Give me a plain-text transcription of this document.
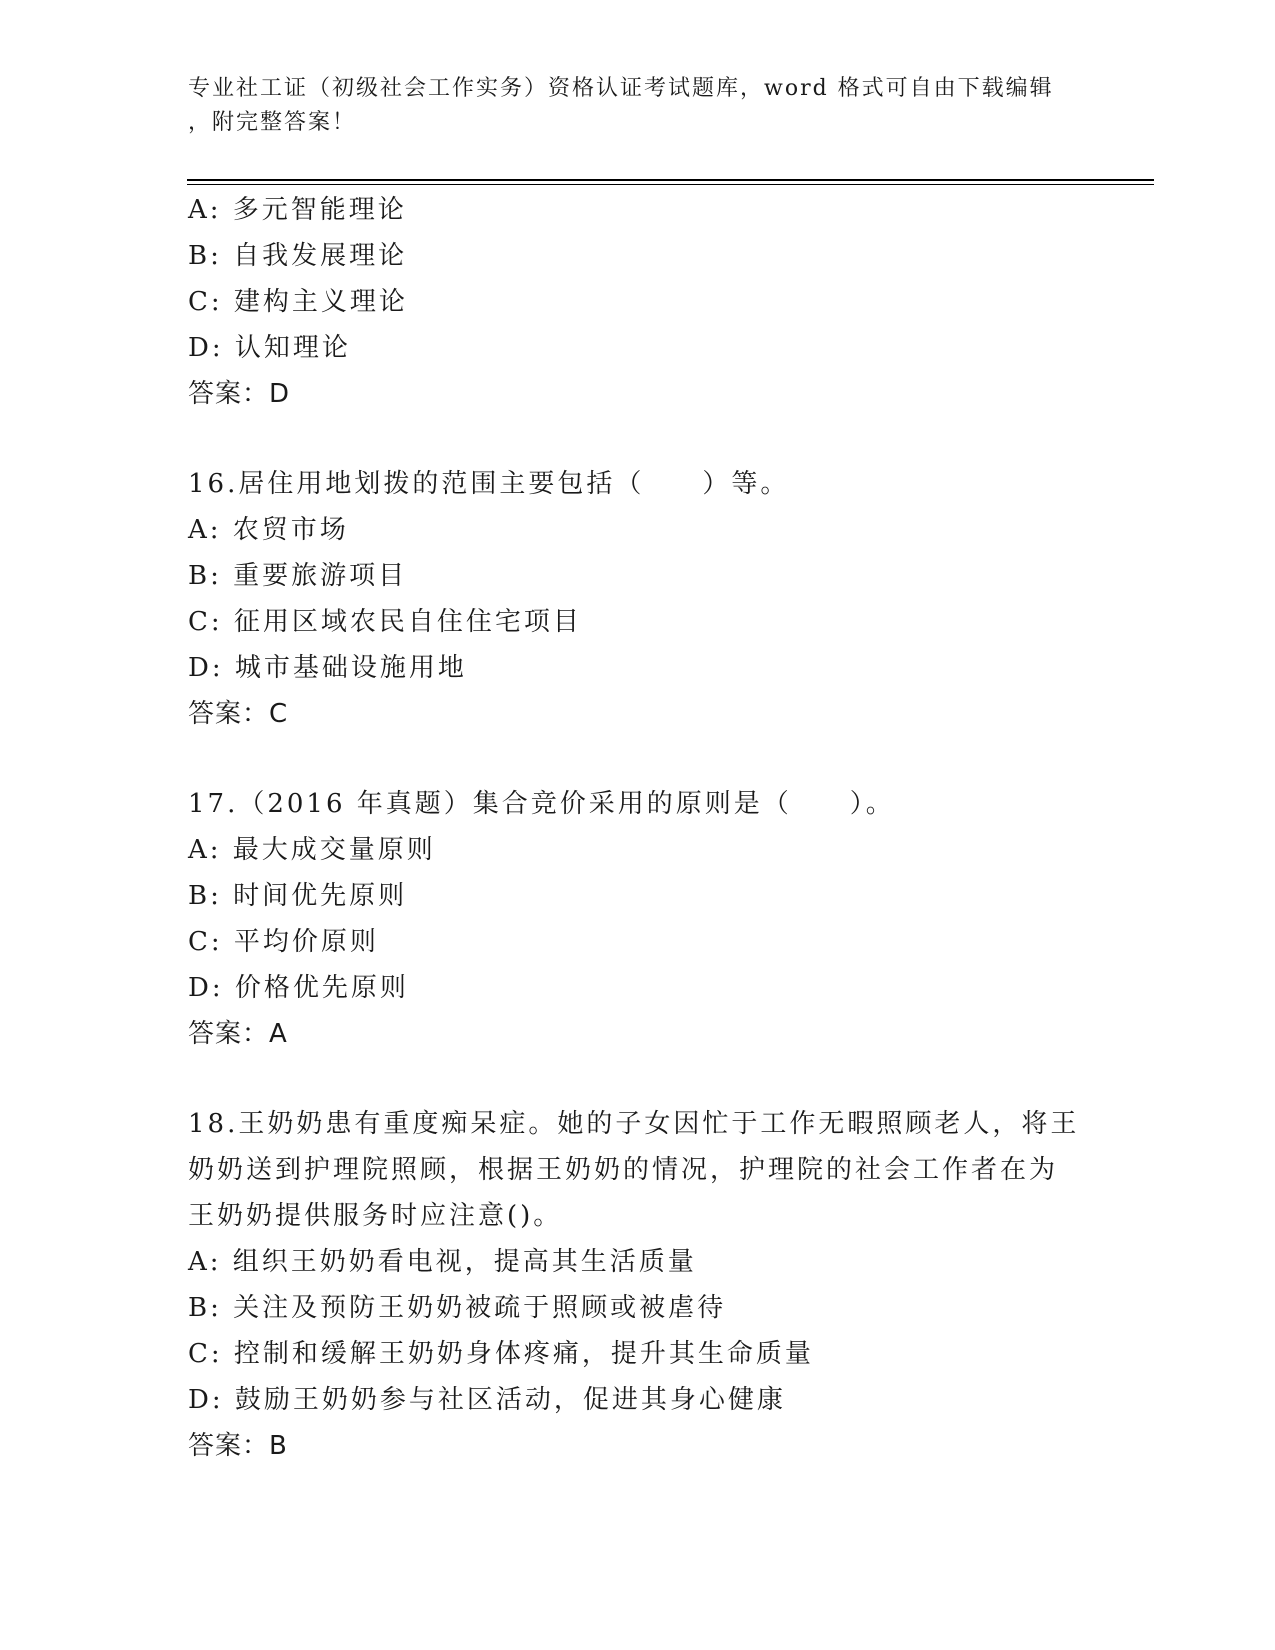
专业社工证（初级社会工作实务）资格认证考试题库，word 格式可自由下载编辑
，附完整答案！
A: 多元智能理论
B: 自我发展理论
C: 建构主义理论
D: 认知理论
答案：D
16.居住用地划拨的范围主要包括（　　）等。
A: 农贸市场
B: 重要旅游项目
C: 征用区域农民自住住宅项目
D: 城市基础设施用地
答案：C
17.（2016 年真题）集合竞价采用的原则是（　　）。
A: 最大成交量原则
B: 时间优先原则
C: 平均价原则
D: 价格优先原则
答案：A
18.王奶奶患有重度痴呆症。她的子女因忙于工作无暇照顾老人，将王
奶奶送到护理院照顾，根据王奶奶的情况，护理院的社会工作者在为
王奶奶提供服务时应注意()。
A: 组织王奶奶看电视，提高其生活质量
B: 关注及预防王奶奶被疏于照顾或被虐待
C: 控制和缓解王奶奶身体疼痛，提升其生命质量
D: 鼓励王奶奶参与社区活动，促进其身心健康
答案：B
